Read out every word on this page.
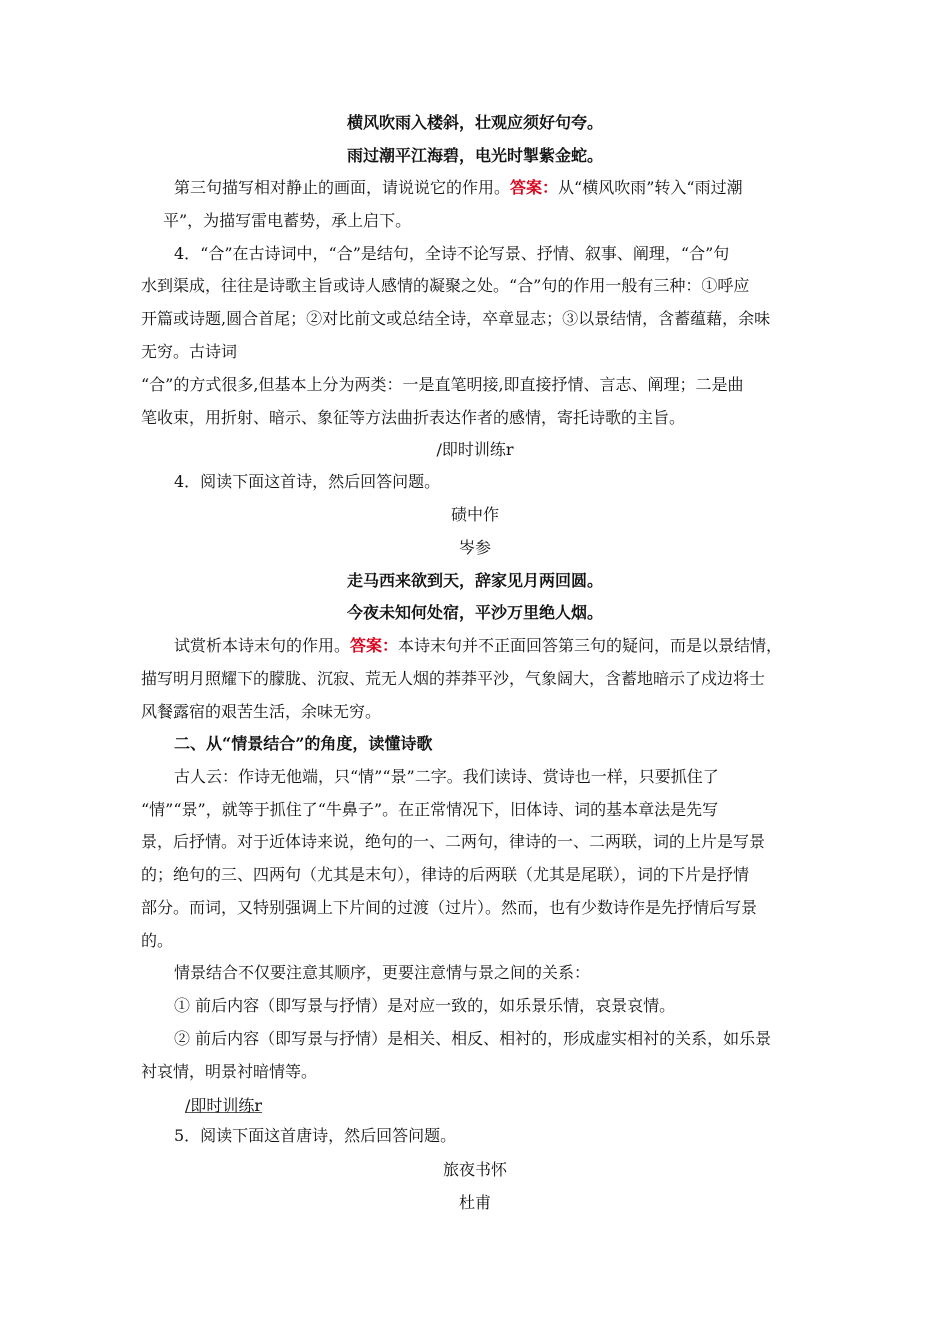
横风吹雨入楼斜，壮观应须好句夸。
雨过潮平江海碧，电光时掣紫金蛇。
第三句描写相对静止的画面，请说说它的作用。答案：从“横风吹雨”转入“雨过潮
平”，为描写雷电蓄势，承上启下。
4．“合”在古诗词中，“合”是结句，全诗不论写景、抒情、叙事、阐理，“合”句
水到渠成，往往是诗歌主旨或诗人感情的凝聚之处。“合”句的作用一般有三种：①呼应
开篇或诗题,圆合首尾；②对比前文或总结全诗，卒章显志；③以景结情，含蓄蕴藉，余味
无穷。古诗词
“合”的方式很多,但基本上分为两类：一是直笔明接,即直接抒情、言志、阐理；二是曲
笔收束，用折射、暗示、象征等方法曲折表达作者的感情，寄托诗歌的主旨。
/即时训练r
4．阅读下面这首诗，然后回答问题。
碛中作
岑参
走马西来欲到天，辞家见月两回圆。
今夜未知何处宿，平沙万里绝人烟。
试赏析本诗末句的作用。答案：本诗末句并不正面回答第三句的疑问，而是以景结情，
描写明月照耀下的朦胧、沉寂、荒无人烟的莽莽平沙，气象阔大，含蓄地暗示了戍边将士
风餐露宿的艰苦生活，余味无穷。
二、从“情景结合”的角度，读懂诗歌
古人云：作诗无他端，只“情”“景”二字。我们读诗、赏诗也一样，只要抓住了
“情”“景”，就等于抓住了“牛鼻子”。在正常情况下，旧体诗、词的基本章法是先写
景，后抒情。对于近体诗来说，绝句的一、二两句，律诗的一、二两联，词的上片是写景
的；绝句的三、四两句（尤其是末句），律诗的后两联（尤其是尾联），词的下片是抒情
部分。而词，又特别强调上下片间的过渡（过片）。然而，也有少数诗作是先抒情后写景
的。
情景结合不仅要注意其顺序，更要注意情与景之间的关系：
① 前后内容（即写景与抒情）是对应一致的，如乐景乐情，哀景哀情。
② 前后内容（即写景与抒情）是相关、相反、相衬的，形成虚实相衬的关系，如乐景
衬哀情，明景衬暗情等。
/即时训练r
5．阅读下面这首唐诗，然后回答问题。
旅夜书怀
杜甫
